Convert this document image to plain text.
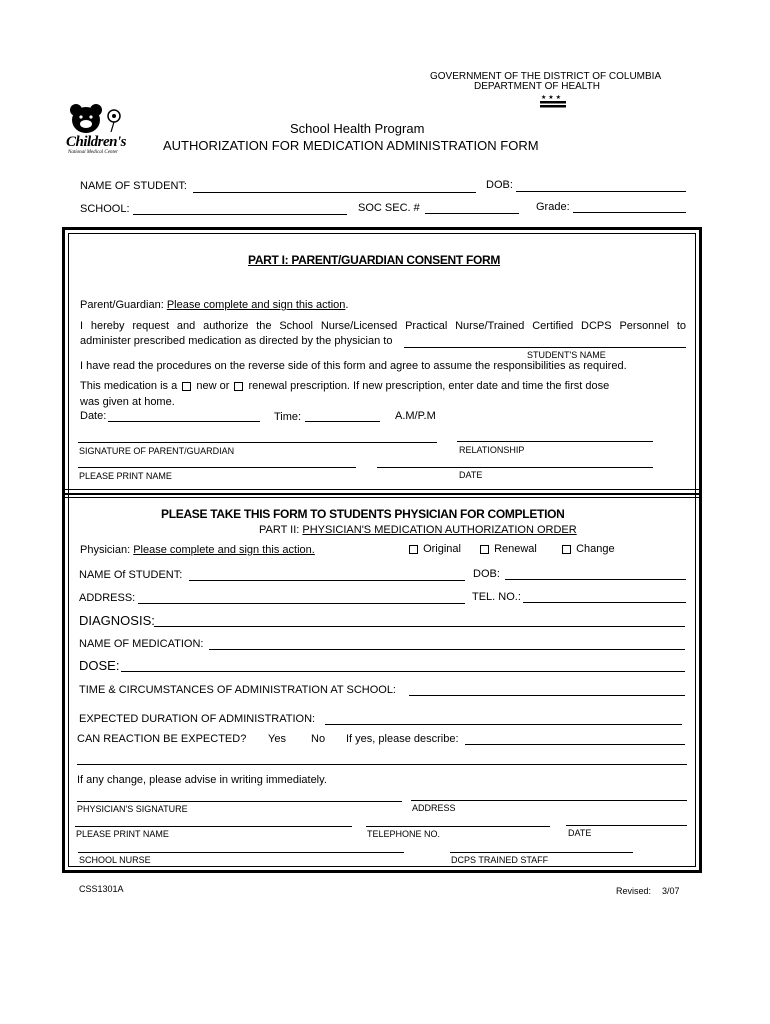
GOVERNMENT OF THE DISTRICT OF COLUMBIA
DEPARTMENT OF HEALTH
★ ★ ★
Children's
National Medical Center
School Health Program
AUTHORIZATION FOR MEDICATION ADMINISTRATION FORM
NAME OF STUDENT:	DOB:
SCHOOL:	SOC SEC. #	Grade:
PART I: PARENT/GUARDIAN CONSENT FORM
Parent/Guardian: Please complete and sign this action.
I hereby request and authorize the School Nurse/Licensed Practical Nurse/Trained Certified DCPS Personnel to
administer prescribed medication as directed by the physician to
STUDENT'S NAME
I have read the procedures on the reverse side of this form and agree to assume the responsibilities as required.
This medication is a new or renewal prescription. If new prescription, enter date and time the first dose
was given at home.
Date:	Time:	A.M/P.M
SIGNATURE OF PARENT/GUARDIAN	RELATIONSHIP
PLEASE PRINT NAME	DATE
PLEASE TAKE THIS FORM TO STUDENTS PHYSICIAN FOR COMPLETION
PART II: PHYSICIAN'S MEDICATION AUTHORIZATION ORDER
Physician: Please complete and sign this action.	Original	Renewal	Change
NAME Of STUDENT:	DOB:
ADDRESS:	TEL. NO.:
DIAGNOSIS:
NAME OF MEDICATION:
DOSE:
TIME & CIRCUMSTANCES OF ADMINISTRATION AT SCHOOL:
EXPECTED DURATION OF ADMINISTRATION:
CAN REACTION BE EXPECTED? Yes No If yes, please describe:
If any change, please advise in writing immediately.
PHYSICIAN'S SIGNATURE	ADDRESS
PLEASE PRINT NAME	TELEPHONE NO.	DATE
SCHOOL NURSE	DCPS TRAINED STAFF
CSS1301A	Revised: 3/07
